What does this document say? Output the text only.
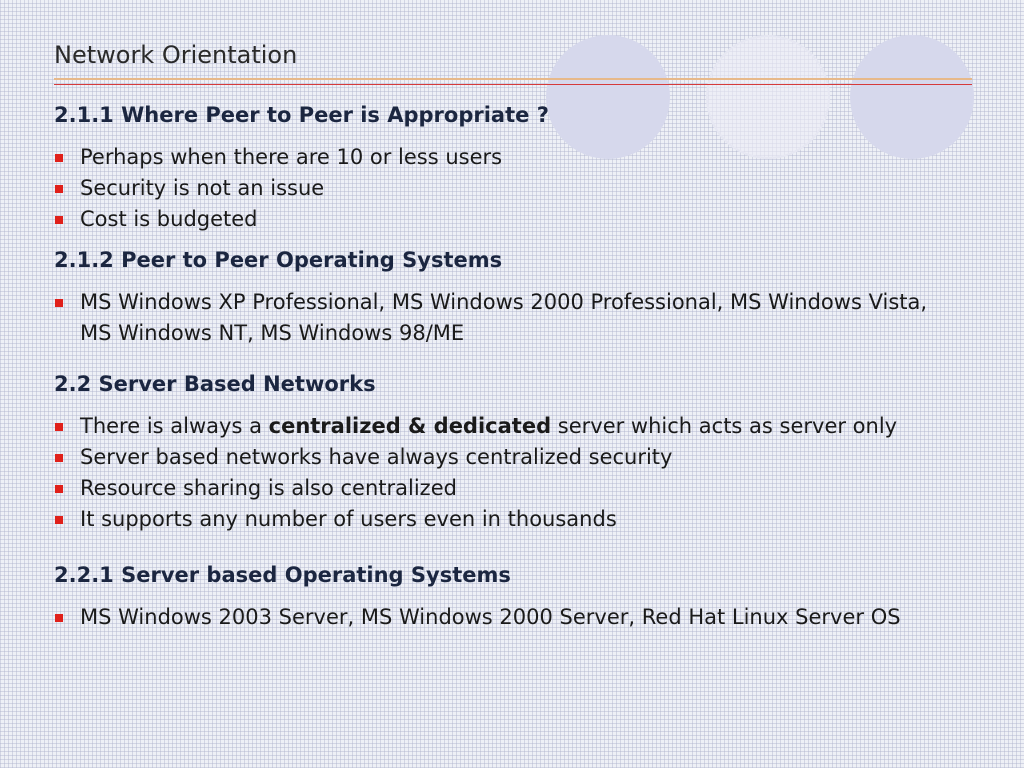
Network Orientation
2.1.1 Where Peer to Peer is Appropriate ?
Perhaps when there are 10 or less users
Security is not an issue
Cost is budgeted
2.1.2 Peer to Peer Operating Systems
MS Windows XP Professional, MS Windows 2000 Professional, MS Windows Vista, MS Windows NT, MS Windows 98/ME
2.2 Server Based Networks
There is always a centralized & dedicated server which acts as server only
Server based networks have always centralized security
Resource sharing is also centralized
It supports any number of users even in thousands
2.2.1 Server based Operating Systems
MS Windows 2003 Server, MS Windows 2000 Server, Red Hat Linux Server OS
